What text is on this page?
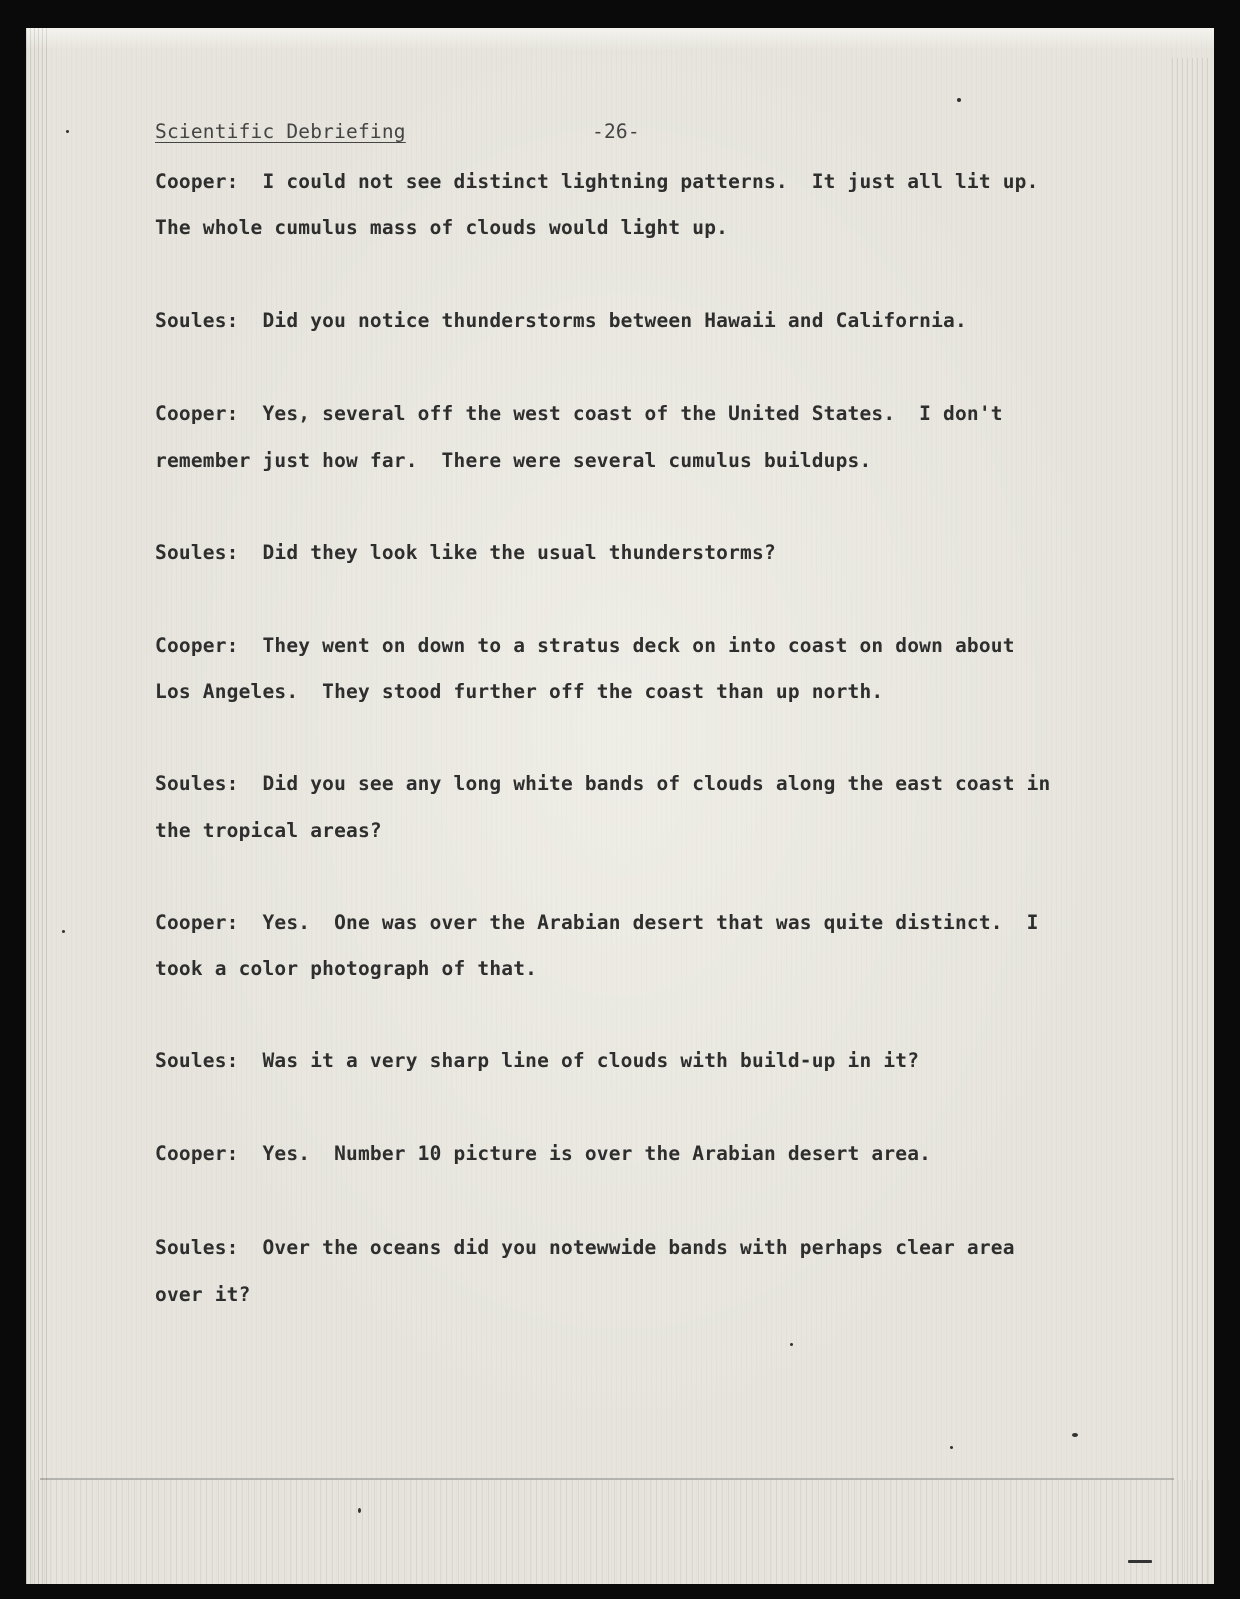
Scientific Debriefing	-26-
Cooper:  I could not see distinct lightning patterns.  It just all lit up.
The whole cumulus mass of clouds would light up.
Soules:  Did you notice thunderstorms between Hawaii and California.
Cooper:  Yes, several off the west coast of the United States.  I don't
remember just how far.  There were several cumulus buildups.
Soules:  Did they look like the usual thunderstorms?
Cooper:  They went on down to a stratus deck on into coast on down about
Los Angeles.  They stood further off the coast than up north.
Soules:  Did you see any long white bands of clouds along the east coast in
the tropical areas?
Cooper:  Yes.  One was over the Arabian desert that was quite distinct.  I
took a color photograph of that.
Soules:  Was it a very sharp line of clouds with build-up in it?
Cooper:  Yes.  Number 10 picture is over the Arabian desert area.
Soules:  Over the oceans did you notewwide bands with perhaps clear area
over it?
